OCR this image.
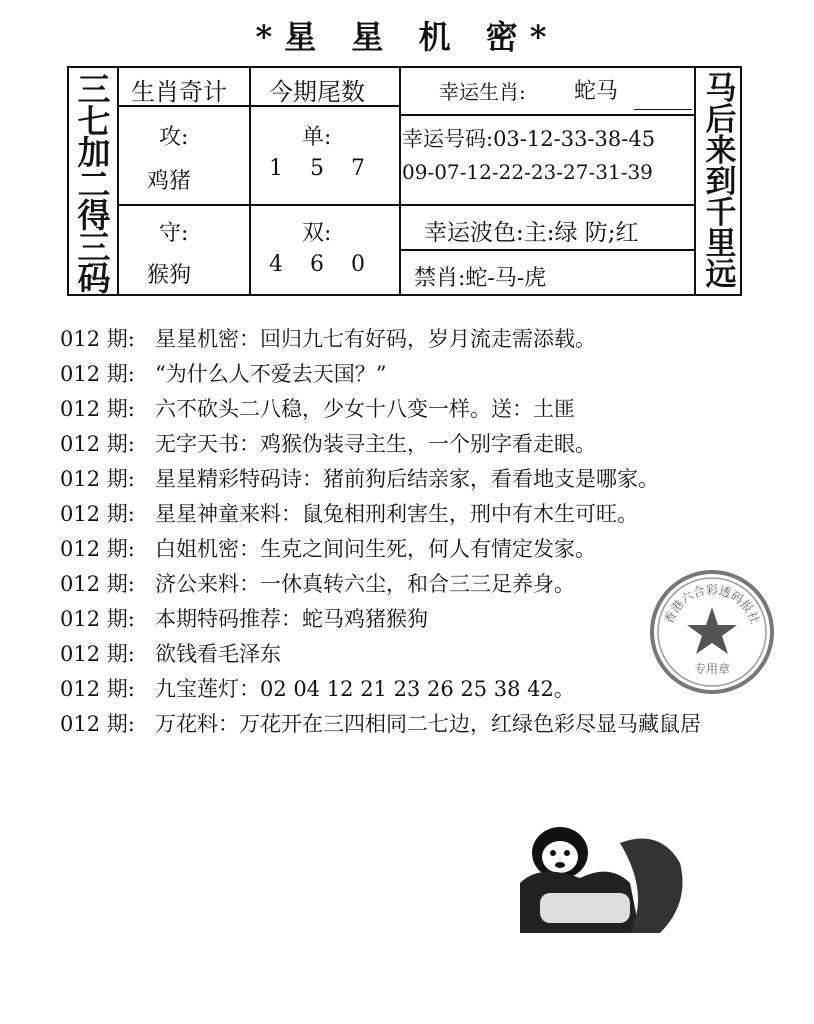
*星 星 机 密*
三
七
加
二
得
三
码
马
后
来
到
千
里
远
生肖奇计 今期尾数	幸运生肖: 蛇马
攻:
鸡猪
单:
1 5 7
幸运号码:03-12-33-38-45
09-07-12-22-23-27-31-39
守:
猴狗
双:
4 6 0
幸运波色:主:绿 防;红
禁肖:蛇-马-虎
012 期: 星星机密：回归九七有好码，岁月流走需添载。
012 期: “为什么人不爱去天国？”
012 期: 六不砍头二八稳，少女十八变一样。送：土匪
012 期: 无字天书：鸡猴伪装寻主生，一个别字看走眼。
012 期: 星星精彩特码诗：猪前狗后结亲家，看看地支是哪家。
012 期: 星星神童来料：鼠兔相刑利害生，刑中有木生可旺。
012 期: 白姐机密：生克之间问生死，何人有情定发家。
012 期: 济公来料：一休真转六尘，和合三三足养身。
012 期: 本期特码推荐：蛇马鸡猪猴狗
012 期: 欲钱看毛泽东
012 期: 九宝莲灯：02 04 12 21 23 26 25 38 42。
012 期: 万花料：万花开在三四相同二七边，红绿色彩尽显马藏鼠居
香港六合彩透码报社
专用章
